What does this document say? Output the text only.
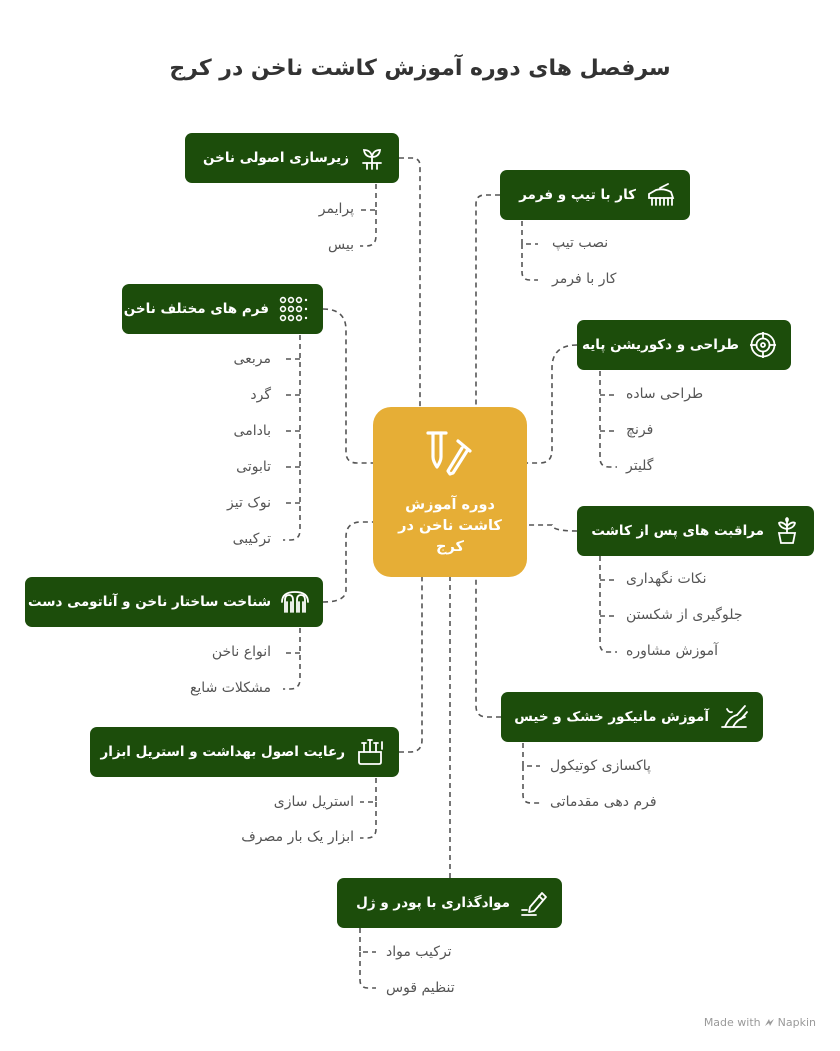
سرفصل های دوره آموزش کاشت ناخن در کرج
دوره آموزش کاشت ناخن در کرج
زیرسازی اصولی ناخن
پرایمر
بیس
کار با تیپ و فرمر
نصب تیپ
کار با فرمر
فرم های مختلف ناخن
مربعی
گرد
بادامی
تابوتی
نوک تیز
ترکیبی
طراحی و دکوریشن پایه
طراحی ساده
فرنچ
گلیتر
مراقبت های پس از کاشت
نکات نگهداری
جلوگیری از شکستن
آموزش مشاوره
شناخت ساختار ناخن و آناتومی دست
انواع ناخن
مشکلات شایع
آموزش مانیکور خشک و خیس
پاکسازی کوتیکول
فرم دهی مقدماتی
رعایت اصول بهداشت و استریل ابزار
استریل سازی
ابزار یک بار مصرف
موادگذاری با پودر و ژل
ترکیب مواد
تنظیم قوس
Made with Napkin
